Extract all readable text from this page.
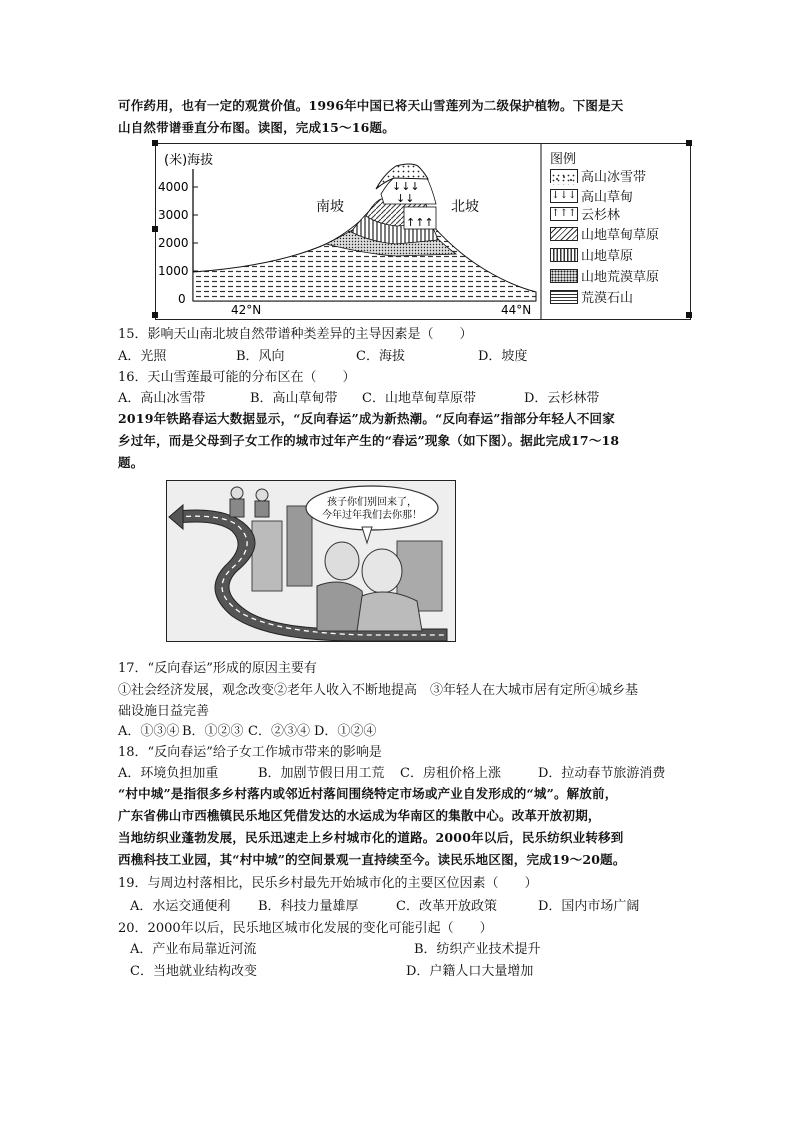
可作药用，也有一定的观赏价值。1996年中国已将天山雪莲列为二级保护植物。下图是天
山自然带谱垂直分布图。读图，完成15～16题。
(米)海拔
4000
3000
2000
1000
0
42°N	44°N
↑↑↑
↓↓↓
↓↓
南坡	北坡
图例
高山冰雪带
↓↓↓ 高山草甸
↑↑↑ 云杉林
山地草甸草原
山地草原
山地荒漠草原
荒漠石山
15．影响天山南北坡自然带谱种类差异的主导因素是（　　）
A．光照	B．风向	C．海拔	D．坡度
16．天山雪莲最可能的分布区在（　　）
A．高山冰雪带	B．高山草甸带 C．山地草甸草原带	D．云杉林带
2019年铁路春运大数据显示，“反向春运”成为新热潮。“反向春运”指部分年轻人不回家
乡过年，而是父母到子女工作的城市过年产生的“春运”现象（如下图）。据此完成17～18
题。
孩子你们别回来了，
今年过年我们去你那！
17．“反向春运”形成的原因主要有
①社会经济发展，观念改变②老年人收入不断地提高　③年轻人在大城市居有定所④城乡基
础设施日益完善
A．①③④ B．①②③ C．②③④ D．①②④
18．“反向春运”给子女工作城市带来的影响是
A．环境负担加重	B．加剧节假日用工荒 C．房租价格上涨	D．拉动春节旅游消费
“村中城”是指很多乡村落内或邻近村落间围绕特定市场或产业自发形成的“城”。解放前，
广东省佛山市西樵镇民乐地区凭借发达的水运成为华南区的集散中心。改革开放初期，
当地纺织业蓬勃发展，民乐迅速走上乡村城市化的道路。2000年以后，民乐纺织业转移到
西樵科技工业园，其“村中城”的空间景观一直持续至今。读民乐地区图，完成19～20题。
19．与周边村落相比，民乐乡村最先开始城市化的主要区位因素（　　）
A．水运交通便利 B．科技力量雄厚	C．改革开放政策	D．国内市场广阔
20．2000年以后，民乐地区城市化发展的变化可能引起（　　）
A．产业布局靠近河流	B．纺织产业技术提升
C．当地就业结构改变	D．户籍人口大量增加
